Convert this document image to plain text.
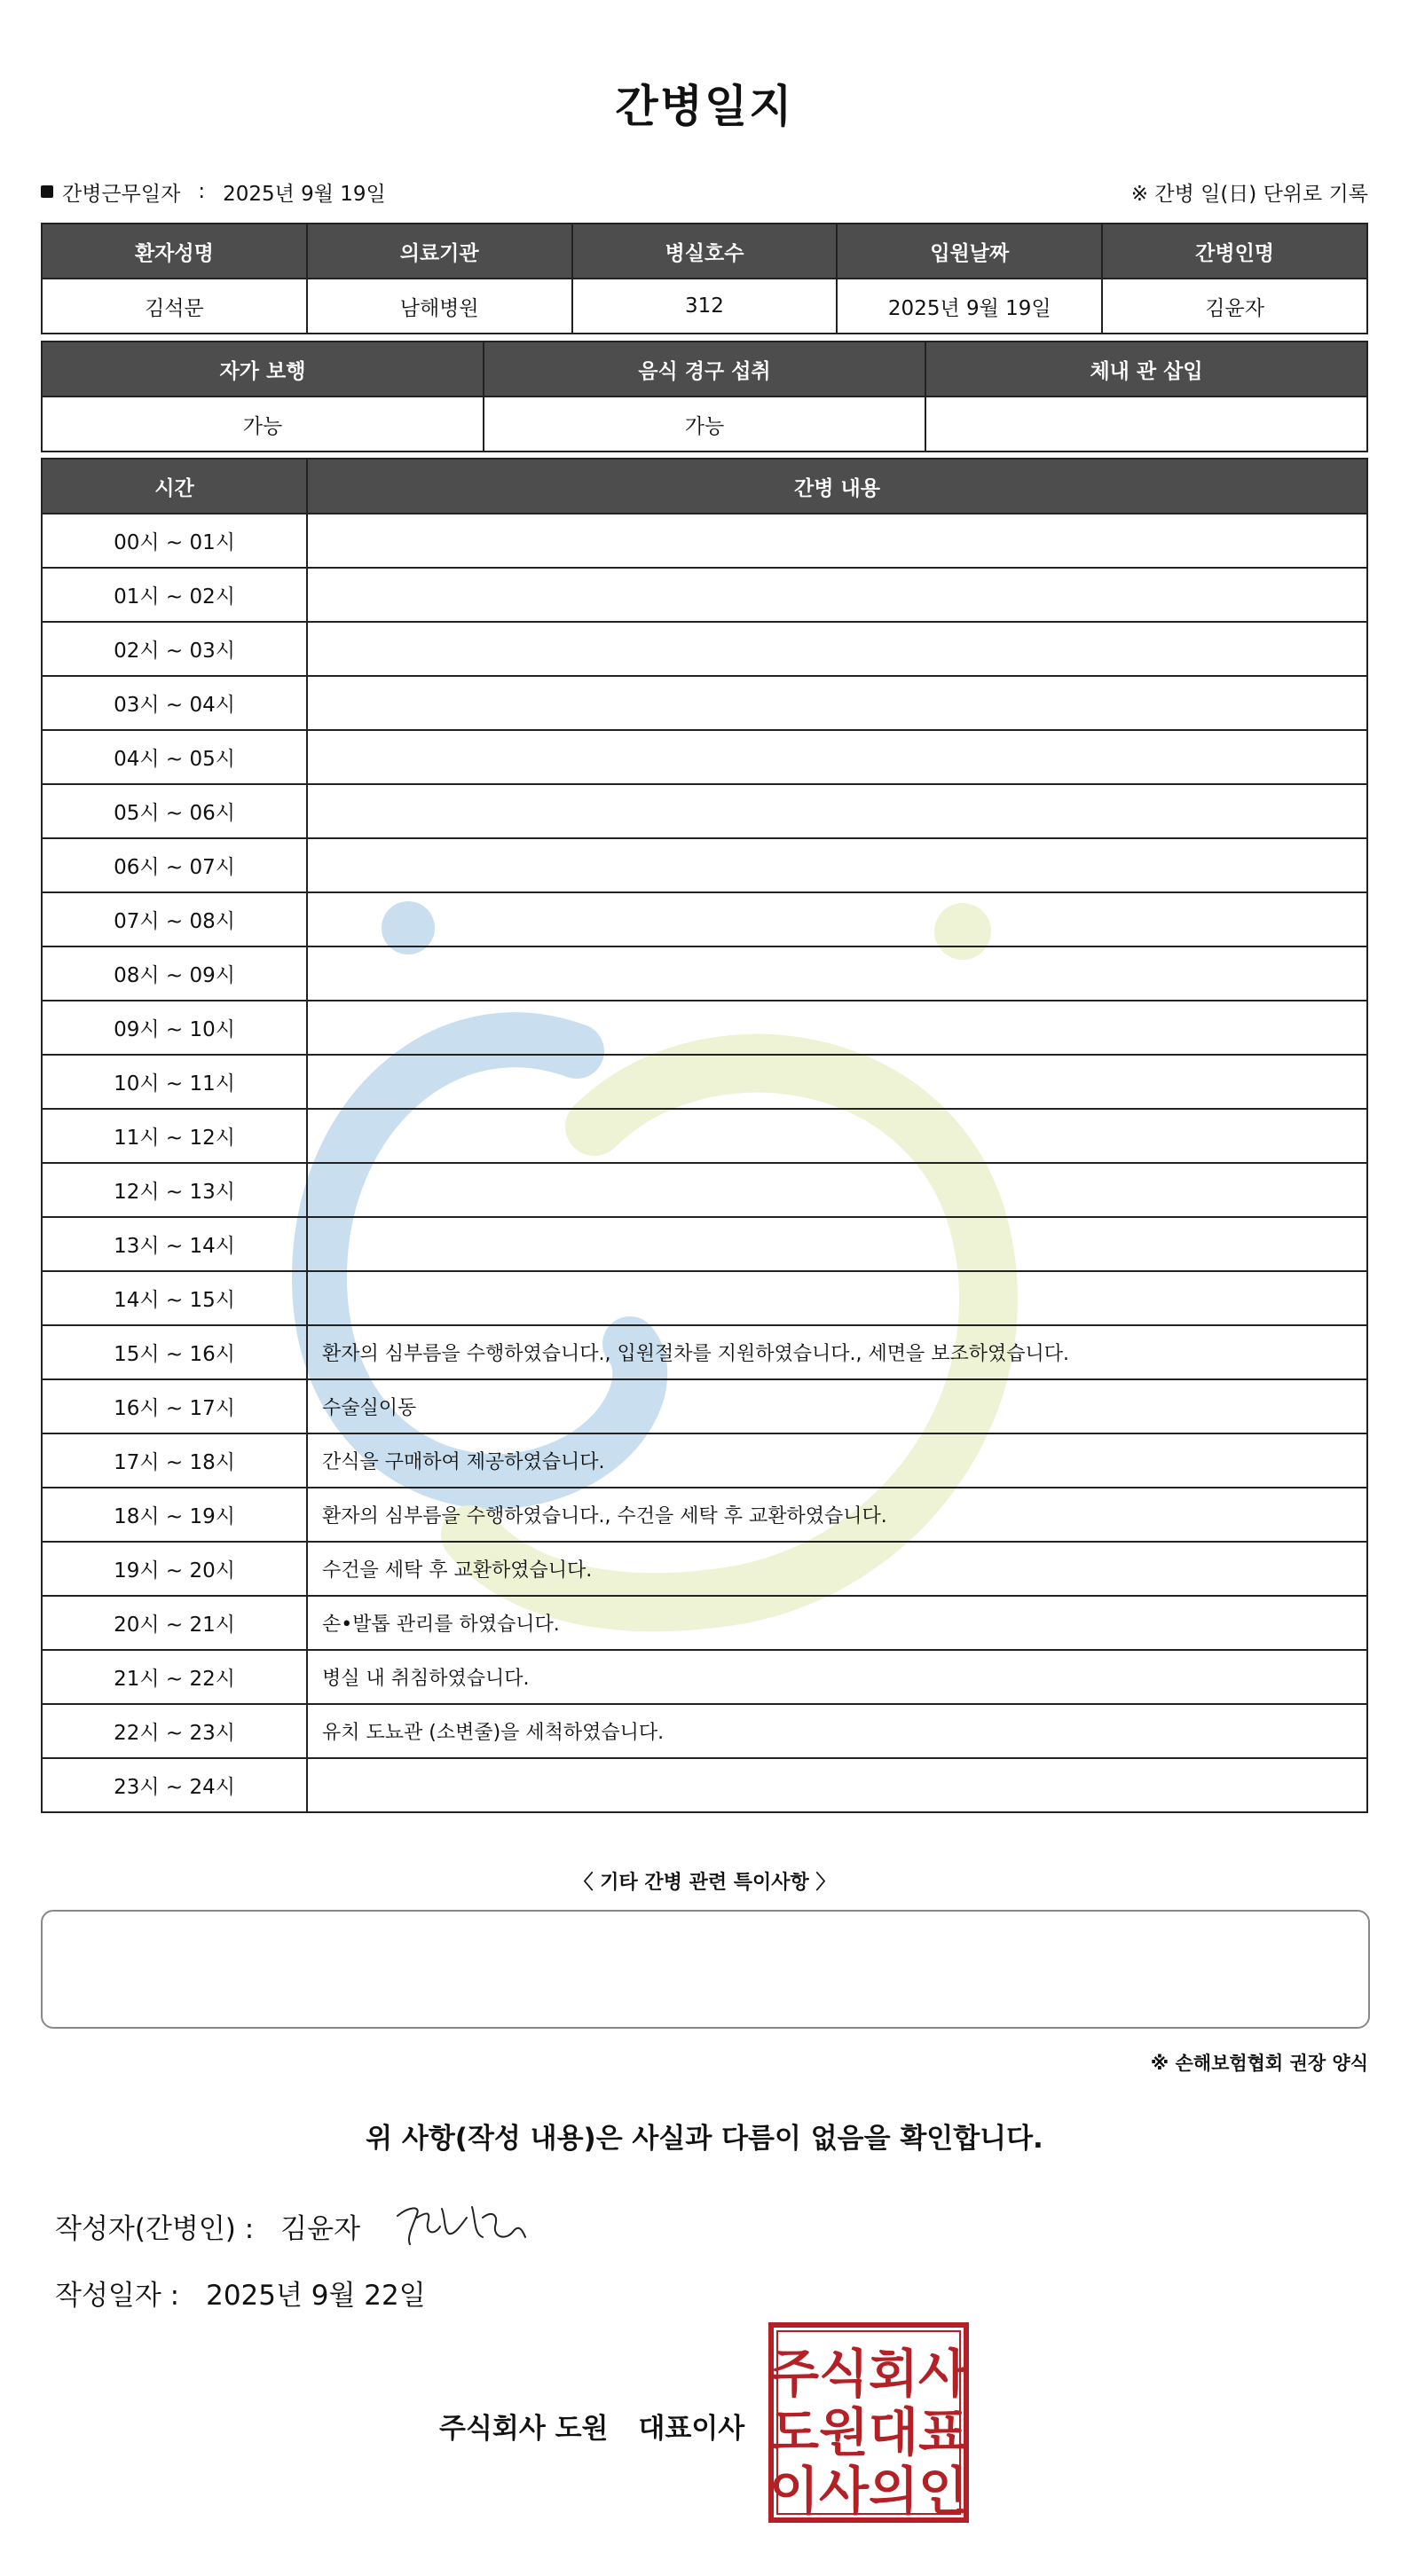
간병일지
간병근무일자 : 2025년 9월 19일	※ 간병 일(日) 단위로 기록
환자성명	의료기관	병실호수	입원날짜	간병인명
김석문	남해병원	312	2025년 9월 19일	김윤자
자가 보행	음식 경구 섭취	체내 관 삽입
가능	가능	
시간	간병 내용
00시 ~ 01시	
01시 ~ 02시	
02시 ~ 03시	
03시 ~ 04시	
04시 ~ 05시	
05시 ~ 06시	
06시 ~ 07시	
07시 ~ 08시	
08시 ~ 09시	
09시 ~ 10시	
10시 ~ 11시	
11시 ~ 12시	
12시 ~ 13시	
13시 ~ 14시	
14시 ~ 15시	
15시 ~ 16시	환자의 심부름을 수행하였습니다., 입원절차를 지원하였습니다., 세면을 보조하였습니다.
16시 ~ 17시	수술실이동
17시 ~ 18시	간식을 구매하여 제공하였습니다.
18시 ~ 19시	환자의 심부름을 수행하였습니다., 수건을 세탁 후 교환하였습니다.
19시 ~ 20시	수건을 세탁 후 교환하였습니다.
20시 ~ 21시	손•발톱 관리를 하였습니다.
21시 ~ 22시	병실 내 취침하였습니다.
22시 ~ 23시	유치 도뇨관 (소변줄)을 세척하였습니다.
23시 ~ 24시	
〈 기타 간병 관련 특이사항 〉
※ 손해보험협회 권장 양식
위 사항(작성 내용)은 사실과 다름이 없음을 확인합니다.
작성자(간병인) : 김윤자
작성일자 : 2025년 9월 22일
주식회사 도원 대표이사
주식회사
도원대표
이사의인
